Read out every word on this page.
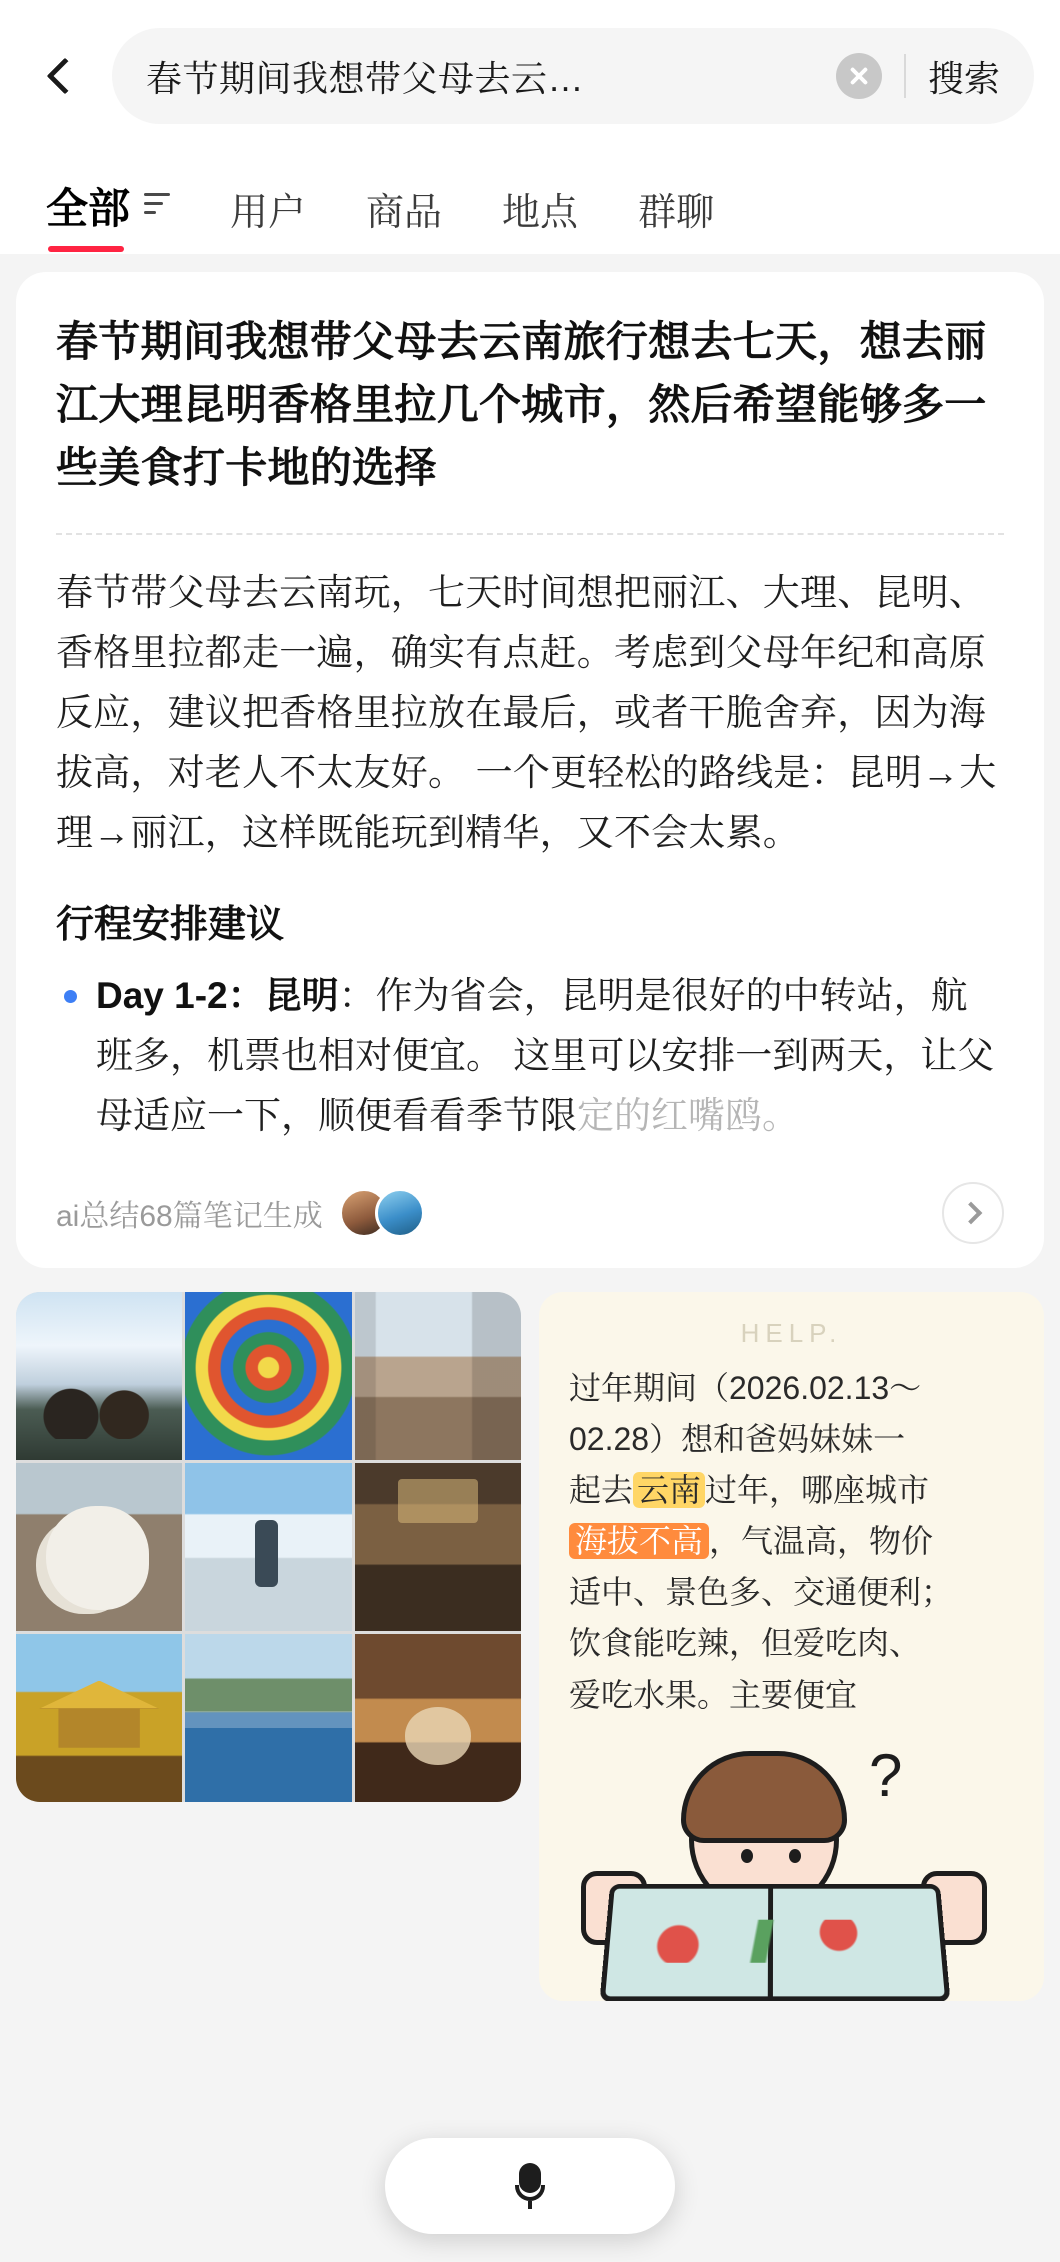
春节期间我想带父母去云…	搜索
全部	用户 商品 地点 群聊
春节期间我想带父母去云南旅行想去七天，想去丽江大理昆明香格里拉几个城市，然后希望能够多一些美食打卡地的选择
春节带父母去云南玩，七天时间想把丽江、大理、昆明、香格里拉都走一遍，确实有点赶。考虑到父母年纪和高原反应，建议把香格里拉放在最后，或者干脆舍弃，因为海拔高，对老人不太友好。 一个更轻松的路线是：昆明→大理→丽江，这样既能玩到精华，又不会太累。
行程安排建议
Day 1-2：昆明：作为省会，昆明是很好的中转站，航班多，机票也相对便宜。 这里可以安排一到两天，让父母适应一下，顺便看看季节限定的红嘴鸥。
ai总结68篇笔记生成
HELP.
过年期间（2026.02.13～
02.28）想和爸妈妹妹一
起去 云南 过年，哪座城市
海拔不高 ，气温高，物价
适中、景色多、交通便利；
饮食能吃辣，但爱吃肉、
爱吃水果。主要便宜
?
